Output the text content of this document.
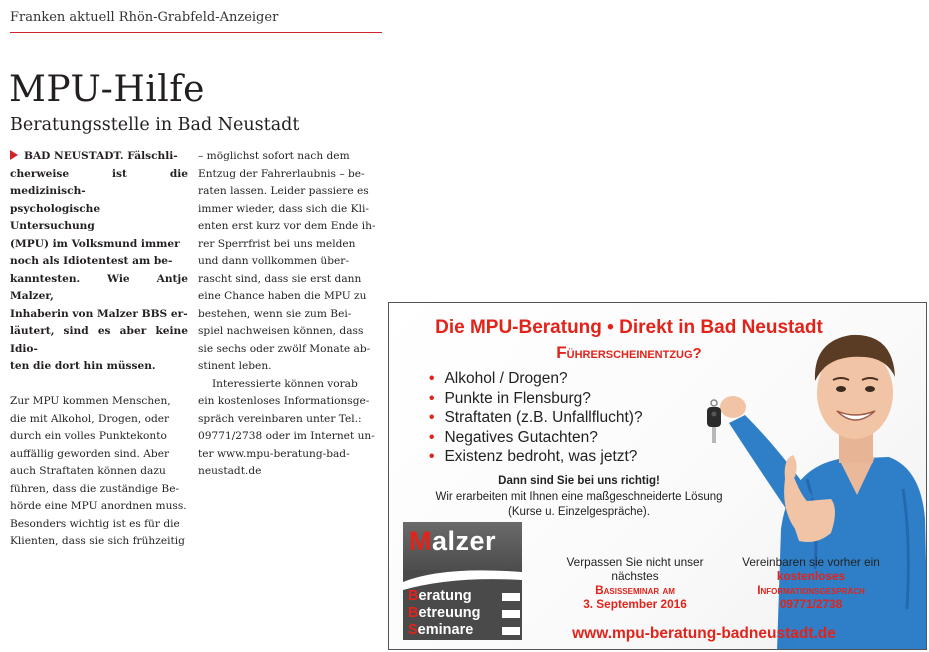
Franken aktuell Rhön-Grabfeld-Anzeiger
MPU-Hilfe
Beratungsstelle in Bad Neustadt

BAD NEUSTADT. Fälschli-
cherweise ist die medizinisch-
psychologische Untersuchung
(MPU) im Volksmund immer
noch als Idiotentest am be-
kanntesten. Wie Antje Malzer,
Inhaberin von Malzer BBS er-
läutert, sind es aber keine Idio-
ten die dort hin müssen.

Zur MPU kommen Menschen,
die mit Alkohol, Drogen, oder
durch ein volles Punktekonto
auffällig geworden sind. Aber
auch Straftaten können dazu
führen, dass die zuständige Be-
hörde eine MPU anordnen muss.
Besonders wichtig ist es für die
Klienten, dass sie sich frühzeitig

– möglichst sofort nach dem
Entzug der Fahrerlaubnis – be-
raten lassen. Leider passiere es
immer wieder, dass sich die Kli-
enten erst kurz vor dem Ende ih-
rer Sperrfrist bei uns melden
und dann vollkommen über-
rascht sind, dass sie erst dann
eine Chance haben die MPU zu
bestehen, wenn sie zum Bei-
spiel nachweisen können, dass
sie sechs oder zwölf Monate ab-
stinent leben.

Interessierte können vorab

ein kostenloses Informationsge-
spräch vereinbaren unter Tel.:
09771/2738 oder im Internet un-
ter www.mpu-beratung-bad-
neustadt.de

Die MPU-Beratung • Direkt in Bad Neustadt
Führerscheinentzug?
• Alkohol / Drogen?
• Punkte in Flensburg?
• Straftaten (z.B. Unfallflucht)?
• Negatives Gutachten?
• Existenz bedroht, was jetzt?
Dann sind Sie bei uns richtig!
Wir erarbeiten mit Ihnen eine maßgeschneiderte Lösung
(Kurse u. Einzelgespräche).
Malzer
Beratung
Betreuung
Seminare
Verpassen Sie nicht unser
nächstes
Basisseminar am
3. September 2016
Vereinbaren sie vorher ein
kostenloses
Informationsgespräch
09771/2738
www.mpu-beratung-badneustadt.de
